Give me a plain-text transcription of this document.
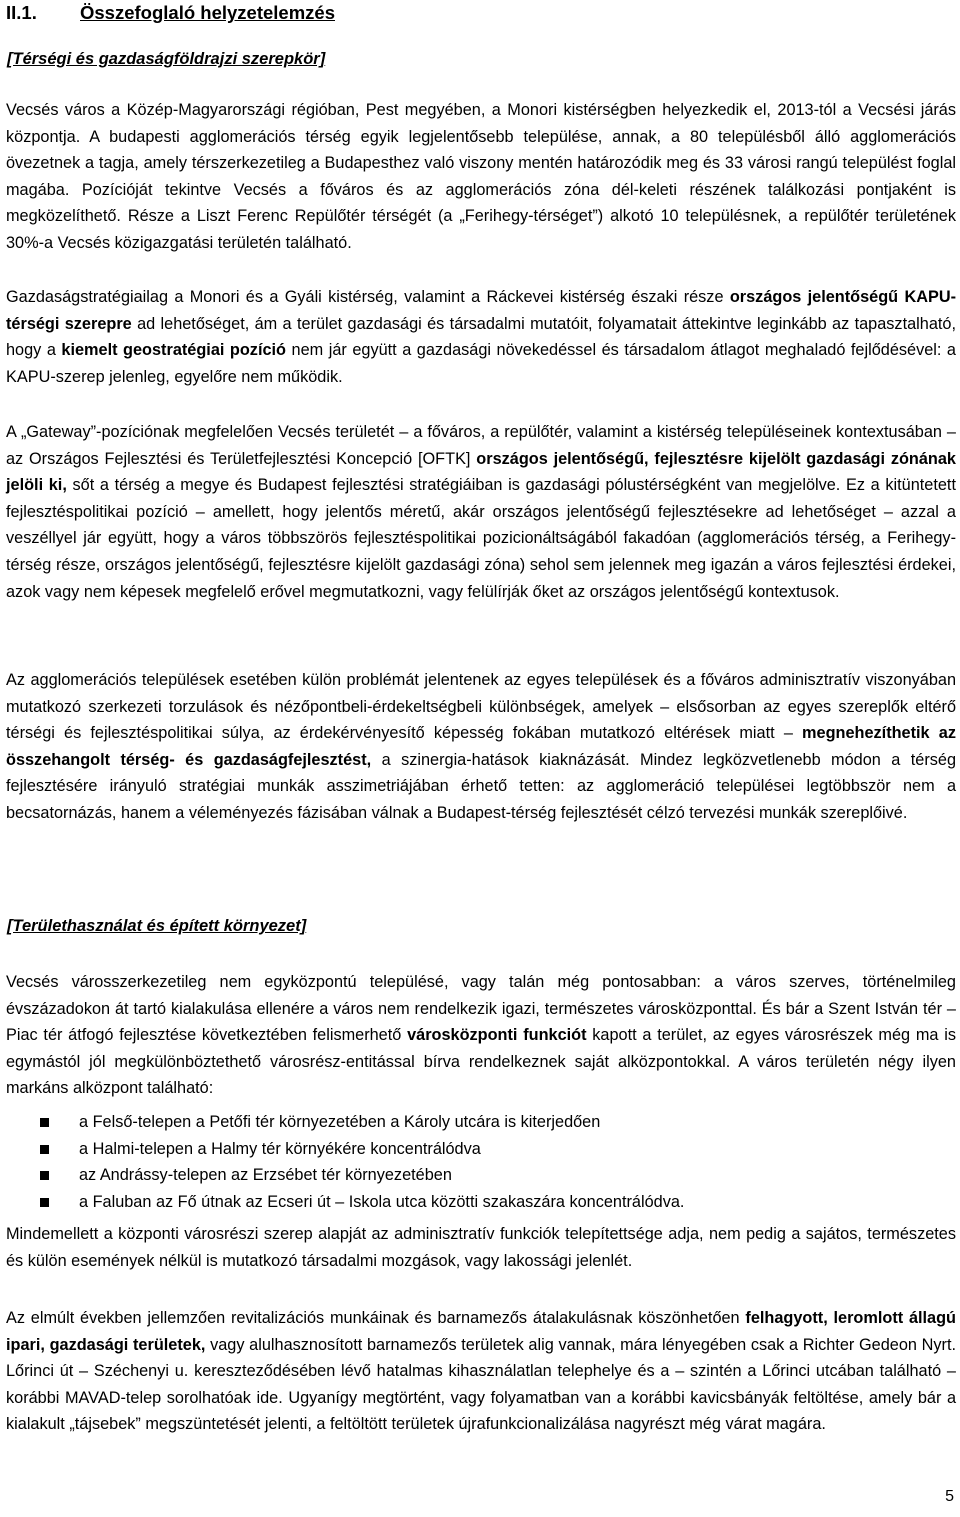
II.1. Összefoglaló helyzetelemzés
[Térségi és gazdaságföldrajzi szerepkör]
Vecsés város a Közép-Magyarországi régióban, Pest megyében, a Monori kistérségben helyezkedik el, 2013-tól a Vecsési járás központja. A budapesti agglomerációs térség egyik legjelentősebb települése, annak, a 80 településből álló agglomerációs övezetnek a tagja, amely térszerkezetileg a Budapesthez való viszony mentén határozódik meg és 33 városi rangú települést foglal magába. Pozícióját tekintve Vecsés a főváros és az agglomerációs zóna dél-keleti részének találkozási pontjaként is megközelíthető. Része a Liszt Ferenc Repülőtér térségét (a „Ferihegy-térséget”) alkotó 10 településnek, a repülőtér területének 30%-a Vecsés közigazgatási területén található.
Gazdaságstratégiailag a Monori és a Gyáli kistérség, valamint a Ráckevei kistérség északi része országos jelentőségű KAPU-térségi szerepre ad lehetőséget, ám a terület gazdasági és társadalmi mutatóit, folyamatait áttekintve leginkább az tapasztalható, hogy a kiemelt geostratégiai pozíció nem jár együtt a gazdasági növekedéssel és társadalom átlagot meghaladó fejlődésével: a KAPU-szerep jelenleg, egyelőre nem működik.
A „Gateway”-pozíciónak megfelelően Vecsés területét – a főváros, a repülőtér, valamint a kistérség településeinek kontextusában – az Országos Fejlesztési és Területfejlesztési Koncepció [OFTK] országos jelentőségű, fejlesztésre kijelölt gazdasági zónának jelöli ki, sőt a térség a megye és Budapest fejlesztési stratégiáiban is gazdasági pólustérségként van megjelölve. Ez a kitüntetett fejlesztéspolitikai pozíció – amellett, hogy jelentős méretű, akár országos jelentőségű fejlesztésekre ad lehetőséget – azzal a veszéllyel jár együtt, hogy a város többszörös fejlesztéspolitikai pozicionáltságából fakadóan (agglomerációs térség, a Ferihegy-térség része, országos jelentőségű, fejlesztésre kijelölt gazdasági zóna) sehol sem jelennek meg igazán a város fejlesztési érdekei, azok vagy nem képesek megfelelő erővel megmutatkozni, vagy felülírják őket az országos jelentőségű kontextusok.
Az agglomerációs települések esetében külön problémát jelentenek az egyes települések és a főváros adminisztratív viszonyában mutatkozó szerkezeti torzulások és nézőpontbeli-érdekeltségbeli különbségek, amelyek – elsősorban az egyes szereplők eltérő térségi és fejlesztéspolitikai súlya, az érdekérvényesítő képesség fokában mutatkozó eltérések miatt – megnehezíthetik az összehangolt térség- és gazdaságfejlesztést, a szinergia-hatások kiaknázását. Mindez legközvetlenebb módon a térség fejlesztésére irányuló stratégiai munkák asszimetriájában érhető tetten: az agglomeráció települései legtöbbször nem a becsatornázás, hanem a véleményezés fázisában válnak a Budapest-térség fejlesztését célzó tervezési munkák szereplőivé.
[Területhasználat és épített környezet]
Vecsés városszerkezetileg nem egyközpontú településé, vagy talán még pontosabban: a város szerves, történelmileg évszázadokon át tartó kialakulása ellenére a város nem rendelkezik igazi, természetes városközponttal. És bár a Szent István tér – Piac tér átfogó fejlesztése következtében felismerhető városközponti funkciót kapott a terület, az egyes városrészek még ma is egymástól jól megkülönböztethető városrész-entitással bírva rendelkeznek saját alközpontokkal. A város területén négy ilyen markáns alközpont található:
a Felső-telepen a Petőfi tér környezetében a Károly utcára is kiterjedően
a Halmi-telepen a Halmy tér környékére koncentrálódva
az Andrássy-telepen az Erzsébet tér környezetében
a Faluban az Fő útnak az Ecseri út – Iskola utca közötti szakaszára koncentrálódva.
Mindemellett a központi városrészi szerep alapját az adminisztratív funkciók telepítettsége adja, nem pedig a sajátos, természetes és külön események nélkül is mutatkozó társadalmi mozgások, vagy lakossági jelenlét.
Az elmúlt években jellemzően revitalizációs munkáinak és barnamezős átalakulásnak köszönhetően felhagyott, leromlott állagú ipari, gazdasági területek, vagy alulhasznosított barnamezős területek alig vannak, mára lényegében csak a Richter Gedeon Nyrt. Lőrinci út – Széchenyi u. kereszteződésében lévő hatalmas kihasználatlan telephelye és a – szintén a Lőrinci utcában található – korábbi MAVAD-telep sorolhatóak ide. Ugyanígy megtörtént, vagy folyamatban van a korábbi kavicsbányák feltöltése, amely bár a kialakult „tájsebek” megszüntetését jelenti, a feltöltött területek újrafunkcionalizálása nagyrészt még várat magára.
5
